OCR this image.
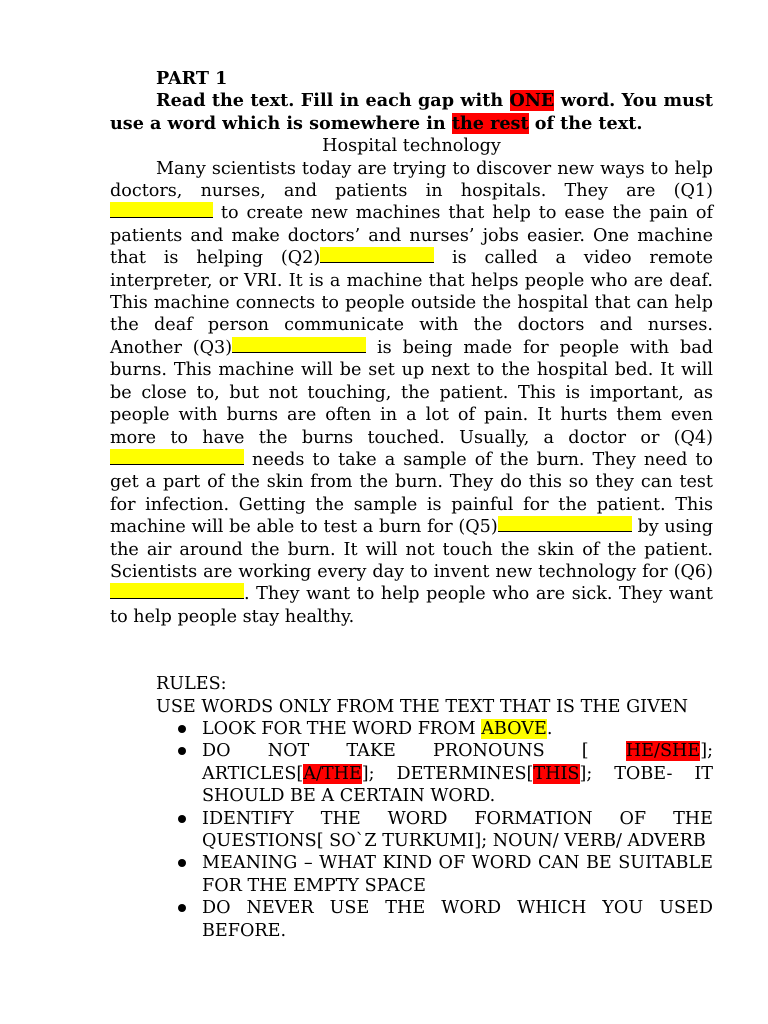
PART 1
Read the text. Fill in each gap with ONE word. You must use a word which is somewhere in the rest of the text.
Hospital technology
Many scientists today are trying to discover new ways to help doctors, nurses, and patients in hospitals. They are (Q1) to create new machines that help to ease the pain of patients and make doctors’ and nurses’ jobs easier. One machine that is helping (Q2)	is called a video remote interpreter, or VRI. It is a machine that helps people who are deaf. This machine connects to people outside the hospital that can help the deaf person communicate with the doctors and nurses. Another (Q3)	is being made for people with bad burns. This machine will be set up next to the hospital bed. It will be close to, but not touching, the patient. This is important, as people with burns are often in a lot of pain. It hurts them even more to have the burns touched. Usually, a doctor or (Q4) needs to take a sample of the burn. They need to get a part of the skin from the burn. They do this so they can test for infection. Getting the sample is painful for the patient. This machine will be able to test a burn for (Q5)	by using the air around the burn. It will not touch the skin of the patient. Scientists are working every day to invent new technology for (Q6). They want to help people who are sick. They want to help people stay healthy.
RULES:
USE WORDS ONLY FROM THE TEXT THAT IS THE GIVEN
LOOK FOR THE WORD FROM ABOVE.
DO NOT TAKE PRONOUNS [ HE/SHE]; ARTICLES[A/THE]; DETERMINES[THIS]; TOBE- IT SHOULD BE A CERTAIN WORD.
IDENTIFY THE WORD FORMATION OF THE QUESTIONS[ SO`Z TURKUMI]; NOUN/ VERB/ ADVERB
MEANING – WHAT KIND OF WORD CAN BE SUITABLE FOR THE EMPTY SPACE
DO NEVER USE THE WORD WHICH YOU USED BEFORE.
